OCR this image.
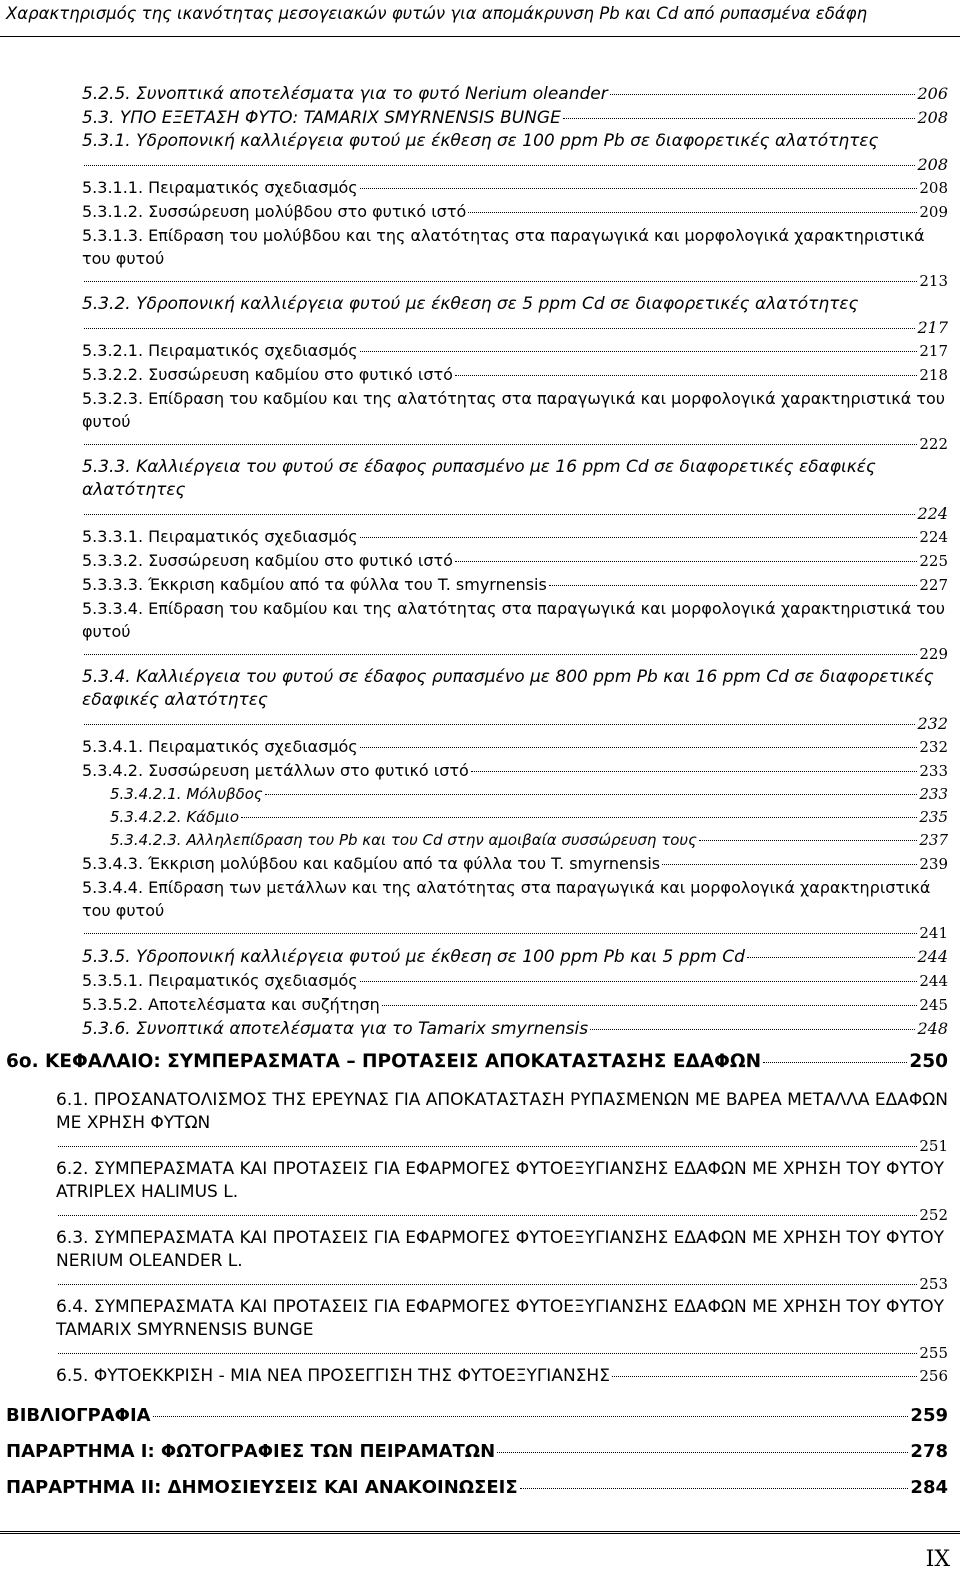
Χαρακτηρισμός της ικανότητας μεσογειακών φυτών για απομάκρυνση Pb και Cd από ρυπασμένα εδάφη
5.2.5. Συνοπτικά αποτελέσματα για το φυτό Nerium oleander	206
5.3. ΥΠΟ ΕΞΕΤΑΣΗ ΦΥΤΟ: TAMARIX SMYRNENSIS BUNGE	208
5.3.1. Υδροπονική καλλιέργεια φυτού με έκθεση σε 100 ppm Pb σε διαφορετικές αλατότητες
208
5.3.1.1. Πειραματικός σχεδιασμός	208
5.3.1.2. Συσσώρευση μολύβδου στο φυτικό ιστό	209
5.3.1.3. Επίδραση του μολύβδου και της αλατότητας στα παραγωγικά και μορφολογικά χαρακτηριστικά του φυτού
213
5.3.2. Υδροπονική καλλιέργεια φυτού με έκθεση σε 5 ppm Cd σε διαφορετικές αλατότητες
217
5.3.2.1. Πειραματικός σχεδιασμός	217
5.3.2.2. Συσσώρευση καδμίου στο φυτικό ιστό	218
5.3.2.3. Επίδραση του καδμίου και της αλατότητας στα παραγωγικά και μορφολογικά χαρακτηριστικά του φυτού
222
5.3.3. Καλλιέργεια του φυτού σε έδαφος ρυπασμένο με 16 ppm Cd σε διαφορετικές εδαφικές αλατότητες
224
5.3.3.1. Πειραματικός σχεδιασμός	224
5.3.3.2. Συσσώρευση καδμίου στο φυτικό ιστό	225
5.3.3.3. Έκκριση καδμίου από τα φύλλα του T. smyrnensis	227
5.3.3.4. Επίδραση του καδμίου και της αλατότητας στα παραγωγικά και μορφολογικά χαρακτηριστικά του φυτού
229
5.3.4. Καλλιέργεια του φυτού σε έδαφος ρυπασμένο με 800 ppm Pb και 16 ppm Cd σε διαφορετικές εδαφικές αλατότητες
232
5.3.4.1. Πειραματικός σχεδιασμός	232
5.3.4.2. Συσσώρευση μετάλλων στο φυτικό ιστό	233
5.3.4.2.1. Μόλυβδος	233
5.3.4.2.2. Κάδμιο	235
5.3.4.2.3. Αλληλεπίδραση του Pb και του Cd στην αμοιβαία συσσώρευση τους	237
5.3.4.3. Έκκριση μολύβδου και καδμίου από τα φύλλα του T. smyrnensis	239
5.3.4.4. Επίδραση των μετάλλων και της αλατότητας στα παραγωγικά και μορφολογικά χαρακτηριστικά του φυτού
241
5.3.5. Υδροπονική καλλιέργεια φυτού με έκθεση σε 100 ppm Pb και 5 ppm Cd	244
5.3.5.1. Πειραματικός σχεδιασμός	244
5.3.5.2. Αποτελέσματα και συζήτηση	245
5.3.6. Συνοπτικά αποτελέσματα για το Tamarix smyrnensis	248
6ο. ΚΕΦΑΛΑΙΟ: ΣΥΜΠΕΡΑΣΜΑΤΑ – ΠΡΟΤΑΣΕΙΣ ΑΠΟΚΑΤΑΣΤΑΣΗΣ ΕΔΑΦΩΝ	250
6.1. ΠΡΟΣΑΝΑΤΟΛΙΣΜΟΣ ΤΗΣ ΕΡΕΥΝΑΣ ΓΙΑ ΑΠΟΚΑΤΑΣΤΑΣΗ ΡΥΠΑΣΜΕΝΩΝ ΜΕ ΒΑΡΕΑ ΜΕΤΑΛΛΑ ΕΔΑΦΩΝ ΜΕ ΧΡΗΣΗ ΦΥΤΩΝ
251
6.2. ΣΥΜΠΕΡΑΣΜΑΤΑ ΚΑΙ ΠΡΟΤΑΣΕΙΣ ΓΙΑ ΕΦΑΡΜΟΓΕΣ ΦΥΤΟΕΞΥΓΙΑΝΣΗΣ ΕΔΑΦΩΝ ΜΕ ΧΡΗΣΗ ΤΟΥ ΦΥΤΟΥ ATRIPLEX HALIMUS L.
252
6.3. ΣΥΜΠΕΡΑΣΜΑΤΑ ΚΑΙ ΠΡΟΤΑΣΕΙΣ ΓΙΑ ΕΦΑΡΜΟΓΕΣ ΦΥΤΟΕΞΥΓΙΑΝΣΗΣ ΕΔΑΦΩΝ ΜΕ ΧΡΗΣΗ ΤΟΥ ΦΥΤΟΥ NERIUM OLEANDER L.
253
6.4. ΣΥΜΠΕΡΑΣΜΑΤΑ ΚΑΙ ΠΡΟΤΑΣΕΙΣ ΓΙΑ ΕΦΑΡΜΟΓΕΣ ΦΥΤΟΕΞΥΓΙΑΝΣΗΣ ΕΔΑΦΩΝ ΜΕ ΧΡΗΣΗ ΤΟΥ ΦΥΤΟΥ TAMARIX SMYRNENSIS BUNGE
255
6.5. ΦΥΤΟΕΚΚΡΙΣΗ - ΜΙΑ ΝΕΑ ΠΡΟΣΕΓΓΙΣΗ ΤΗΣ ΦΥΤΟΕΞΥΓΙΑΝΣΗΣ	256
ΒΙΒΛΙΟΓΡΑΦΙΑ	259
ΠΑΡΑΡΤΗΜΑ Ι: ΦΩΤΟΓΡΑΦΙΕΣ ΤΩΝ ΠΕΙΡΑΜΑΤΩΝ	278
ΠΑΡΑΡΤΗΜΑ ΙΙ: ΔΗΜΟΣΙΕΥΣΕΙΣ ΚΑΙ ΑΝΑΚΟΙΝΩΣΕΙΣ	284
IX
